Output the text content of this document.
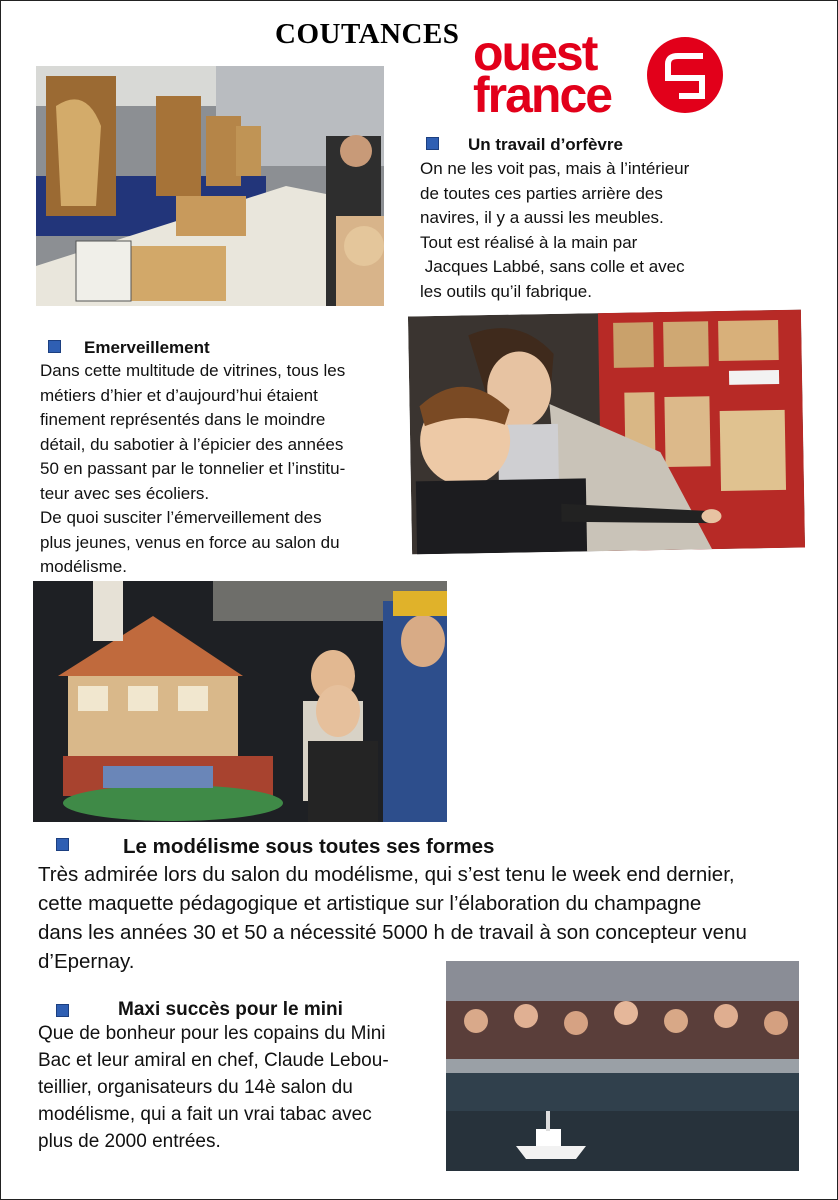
COUTANCES ouest
france
Un travail d’orfèvre
On ne les voit pas, mais à l’intérieur
de toutes ces parties arrière des
navires, il y a aussi les meubles.
Tout est réalisé à la main par
Jacques Labbé, sans colle et avec
les outils qu’il fabrique.
Emerveillement
Dans cette multitude de vitrines, tous les
métiers d’hier et d’aujourd’hui étaient
finement représentés dans le moindre
détail, du sabotier à l’épicier des années
50 en passant par le tonnelier et l’institu-
teur avec ses écoliers.
De quoi susciter l’émerveillement des
plus jeunes, venus en force au salon du
modélisme.
Le modélisme sous toutes ses formes
Très admirée lors du salon du modélisme, qui s’est tenu le week end dernier,
cette maquette pédagogique et artistique sur l’élaboration du champagne
dans les années 30 et 50 a nécessité 5000 h de travail à son concepteur venu
d’Epernay.
Maxi succès pour le mini
Que de bonheur pour les copains du Mini
Bac et leur amiral en chef, Claude Lebou-
teillier, organisateurs du 14è salon du
modélisme, qui a fait un vrai tabac avec
plus de 2000 entrées.
